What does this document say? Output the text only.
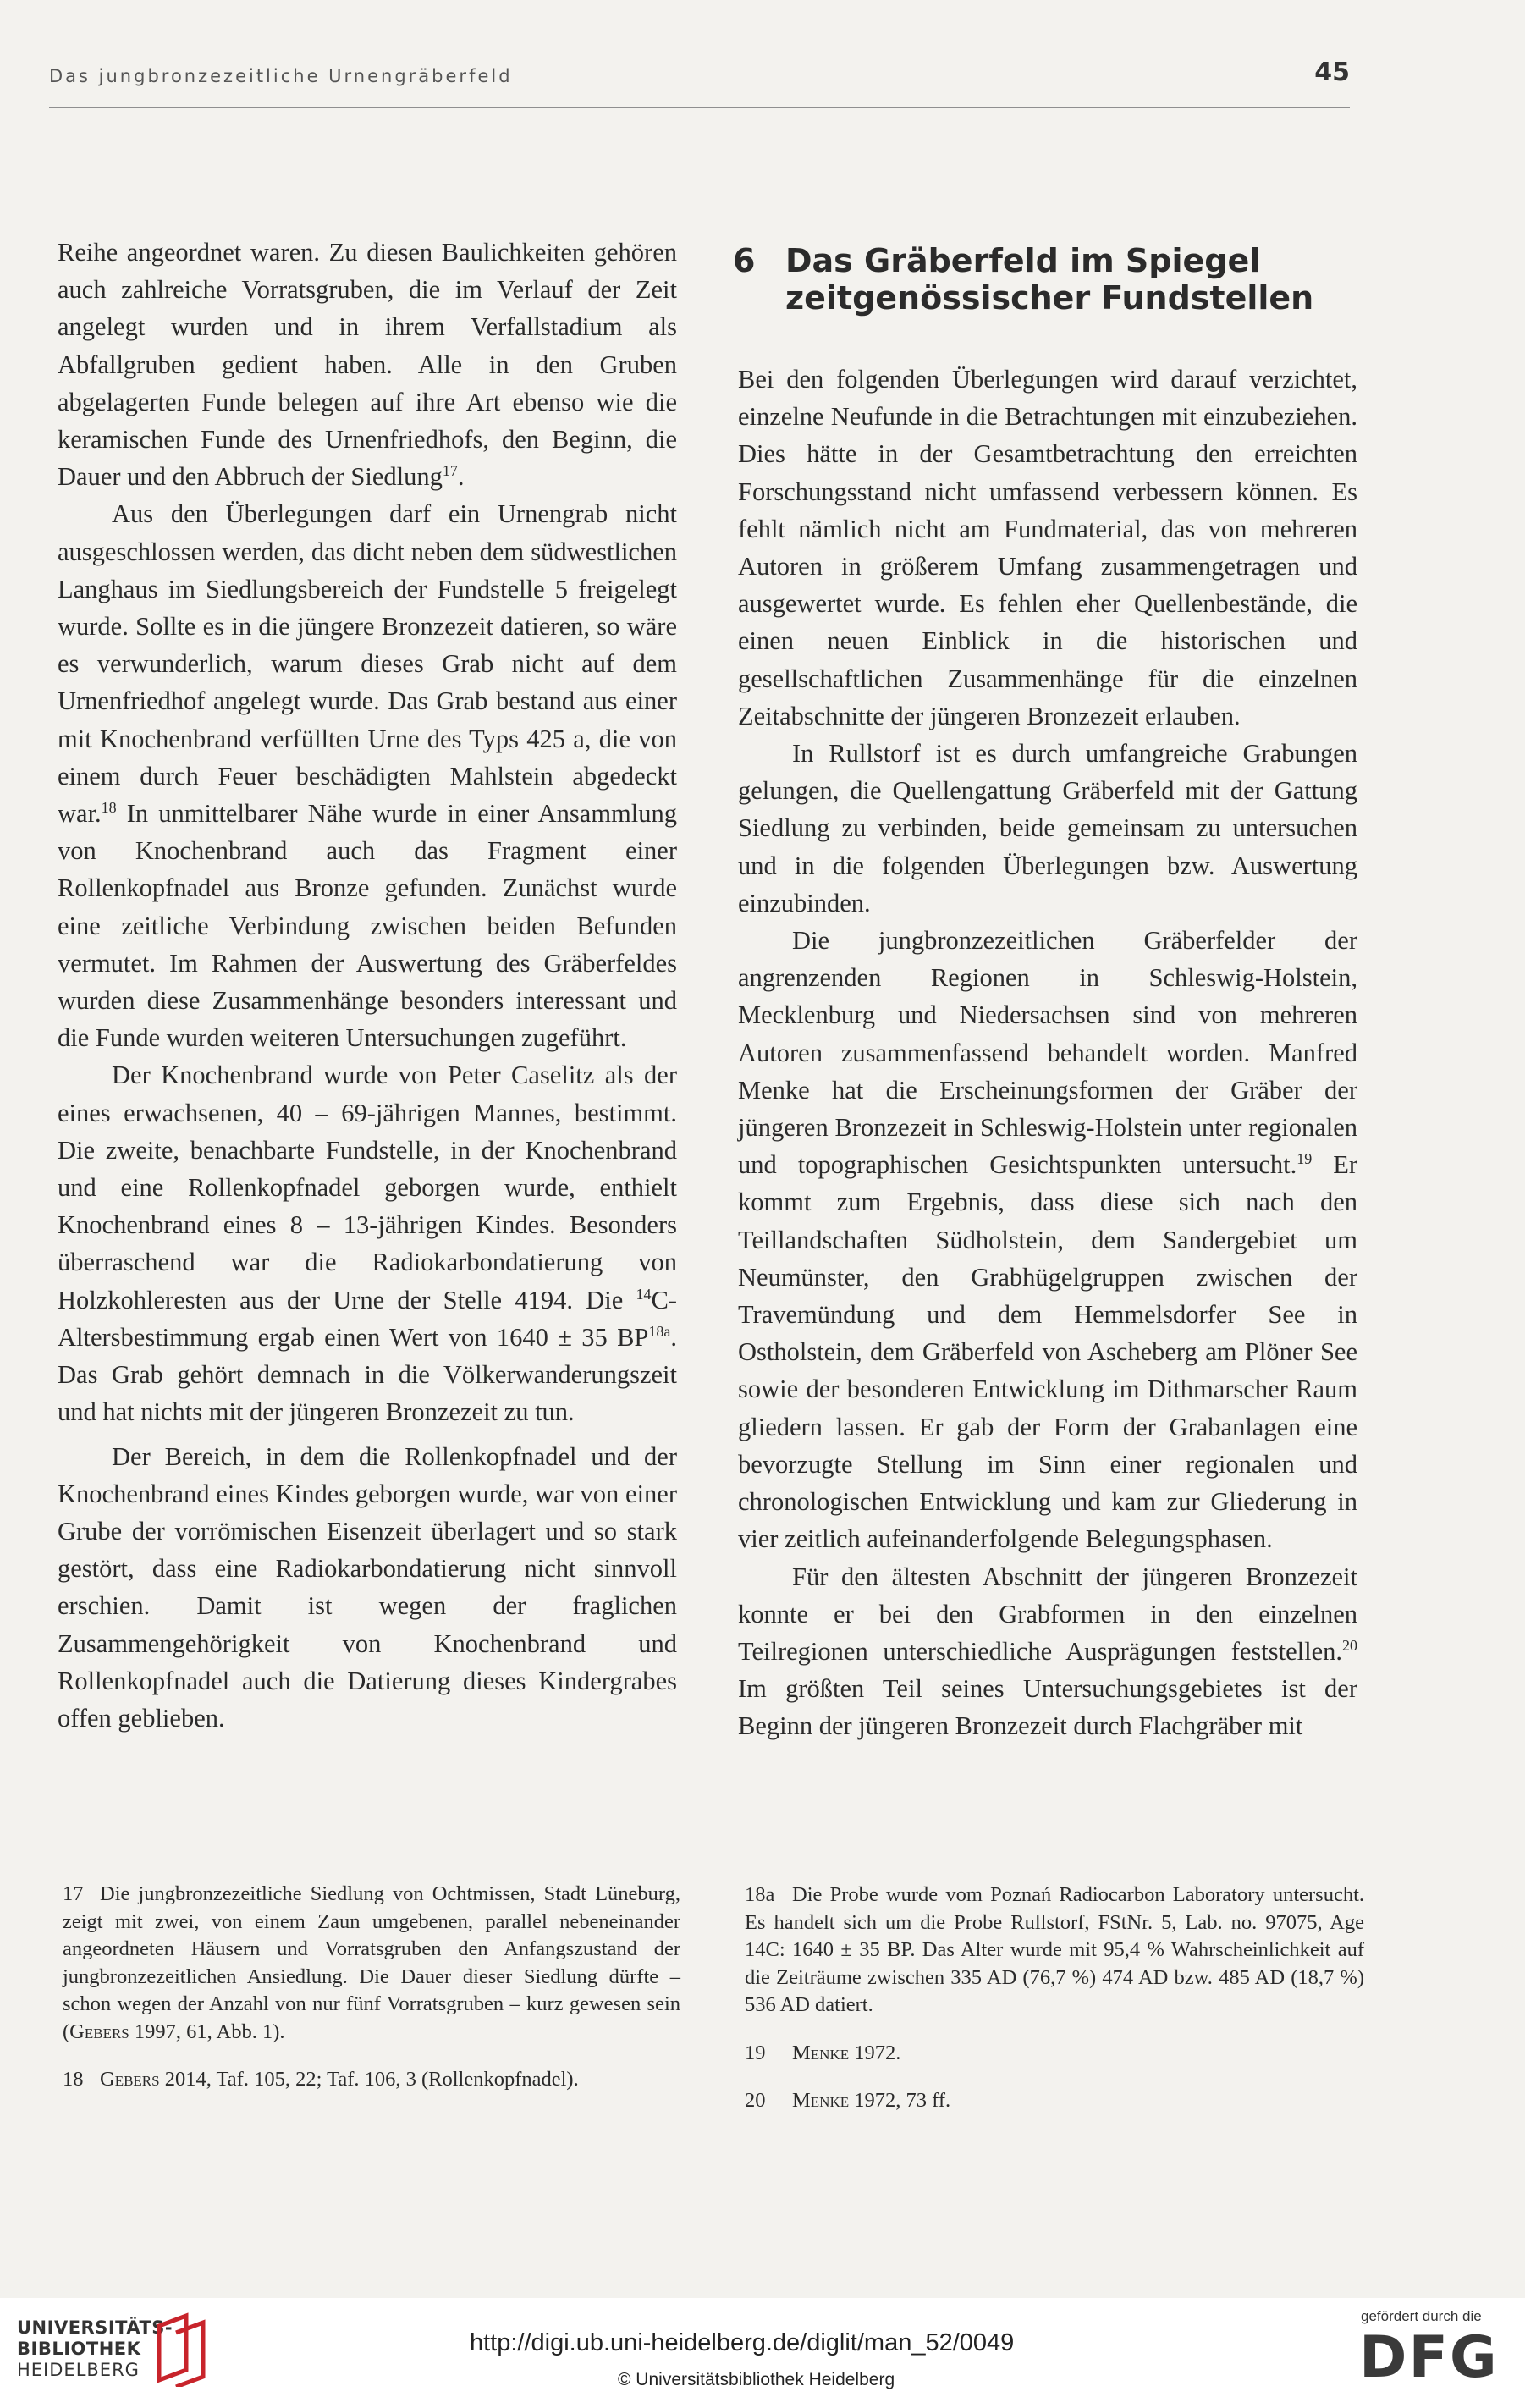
Das jungbronzezeitliche Urnengräberfeld	45

Reihe angeordnet waren. Zu diesen Baulichkeiten gehören auch zahlreiche Vorratsgruben, die im Verlauf der Zeit angelegt wurden und in ihrem Verfallstadium als Abfallgruben gedient haben. Alle in den Gruben abgelagerten Funde belegen auf ihre Art ebenso wie die keramischen Funde des Urnenfriedhofs, den Beginn, die Dauer und den Abbruch der Siedlung$^{17}$.

Aus den Überlegungen darf ein Urnengrab nicht ausgeschlossen werden, das dicht neben dem südwestlichen Langhaus im Siedlungsbereich der Fundstelle 5 freigelegt wurde. Sollte es in die jüngere Bronzezeit datieren, so wäre es verwunderlich, warum dieses Grab nicht auf dem Urnenfriedhof angelegt wurde. Das Grab bestand aus einer mit Knochenbrand verfüllten Urne des Typs 425 a, die von einem durch Feuer beschädigten Mahlstein abgedeckt war.$^{18}$ In unmittelbarer Nähe wurde in einer Ansammlung von Knochenbrand auch das Fragment einer Rollenkopfnadel aus Bronze gefunden. Zunächst wurde eine zeitliche Verbindung zwischen beiden Befunden vermutet. Im Rahmen der Auswertung des Gräberfeldes wurden diese Zusammenhänge besonders interessant und die Funde wurden weiteren Untersuchungen zugeführt.

Der Knochenbrand wurde von Peter Caselitz als der eines erwachsenen, 40 – 69-jährigen Mannes, bestimmt. Die zweite, benachbarte Fundstelle, in der Knochenbrand und eine Rollenkopfnadel geborgen wurde, enthielt Knochenbrand eines 8 – 13-jährigen Kindes. Besonders überraschend war die Radiokarbondatierung von Holzkohleresten aus der Urne der Stelle 4194. Die $^{14}$C-Altersbestimmung ergab einen Wert von 1640 ± 35 $BP^{18a}$. Das Grab gehört demnach in die Völkerwanderungszeit und hat nichts mit der jüngeren Bronzezeit zu tun.

Der Bereich, in dem die Rollenkopfnadel und der Knochenbrand eines Kindes geborgen wurde, war von einer Grube der vorrömischen Eisenzeit überlagert und so stark gestört, dass eine Radiokarbondatierung nicht sinnvoll erschien. Damit ist wegen der fraglichen Zusammengehörigkeit von Knochenbrand und Rollenkopfnadel auch die Datierung dieses Kindergrabes offen geblieben.

6 Das Gräberfeld im Spiegel zeitgenössischer Fundstellen

Bei den folgenden Überlegungen wird darauf verzichtet, einzelne Neufunde in die Betrachtungen mit einzubeziehen. Dies hätte in der Gesamtbetrachtung den erreichten Forschungsstand nicht umfassend verbessern können. Es fehlt nämlich nicht am Fundmaterial, das von mehreren Autoren in größerem Umfang zusammengetragen und ausgewertet wurde. Es fehlen eher Quellenbestände, die einen neuen Einblick in die historischen und gesellschaftlichen Zusammenhänge für die einzelnen Zeitabschnitte der jüngeren Bronzezeit erlauben.

In Rullstorf ist es durch umfangreiche Grabungen gelungen, die Quellengattung Gräberfeld mit der Gattung Siedlung zu verbinden, beide gemeinsam zu untersuchen und in die folgenden Überlegungen bzw. Auswertung einzubinden.

Die jungbronzezeitlichen Gräberfelder der angrenzenden Regionen in Schleswig-Holstein, Mecklenburg und Niedersachsen sind von mehreren Autoren zusammenfassend behandelt worden. Manfred Menke hat die Erscheinungsformen der Gräber der jüngeren Bronzezeit in Schleswig-Holstein unter regionalen und topographischen Gesichtspunkten untersucht.$^{19}$ Er kommt zum Ergebnis, dass diese sich nach den Teillandschaften Südholstein, dem Sandergebiet um Neumünster, den Grabhügelgruppen zwischen der Travemündung und dem Hemmelsdorfer See in Ostholstein, dem Gräberfeld von Ascheberg am Plöner See sowie der besonderen Entwicklung im Dithmarscher Raum gliedern lassen. Er gab der Form der Grabanlagen eine bevorzugte Stellung im Sinn einer regionalen und chronologischen Entwicklung und kam zur Gliederung in vier zeitlich aufeinanderfolgende Belegungsphasen.

Für den ältesten Abschnitt der jüngeren Bronzezeit konnte er bei den Grabformen in den einzelnen Teilregionen unterschiedliche Ausprägungen feststellen.$^{20}$ Im größten Teil seines Untersuchungsgebietes ist der Beginn der jüngeren Bronzezeit durch Flachgräber mit

17 Die jungbronzezeitliche Siedlung von Ochtmissen, Stadt Lüneburg, zeigt mit zwei, von einem Zaun umgebenen, parallel nebeneinander angeordneten Häusern und Vorratsgruben den Anfangszustand der jungbronzezeitlichen Ansiedlung. Die Dauer dieser Siedlung dürfte – schon wegen der Anzahl von nur fünf Vorratsgruben – kurz gewesen sein (Gebers 1997, 61, Abb. 1).

18 Gebers 2014, Taf. 105, 22; Taf. 106, 3 (Rollenkopfnadel).

18a Die Probe wurde vom Poznań Radiocarbon Laboratory untersucht. Es handelt sich um die Probe Rullstorf, FStNr. 5, Lab. no. 97075, Age 14C: 1640 ± 35 BP. Das Alter wurde mit 95,4 % Wahrscheinlichkeit auf die Zeiträume zwischen 335 AD (76,7 %) 474 AD bzw. 485 AD (18,7 %) 536 AD datiert.

19 Menke 1972.

20 Menke 1972, 73 ff.

UNIVERSITÄTS-
BIBLIOTHEK
HEIDELBERG
http://digi.ub.uni-heidelberg.de/diglit/man_52/0049
© Universitätsbibliothek Heidelberg
gefördert durch die
DFG
